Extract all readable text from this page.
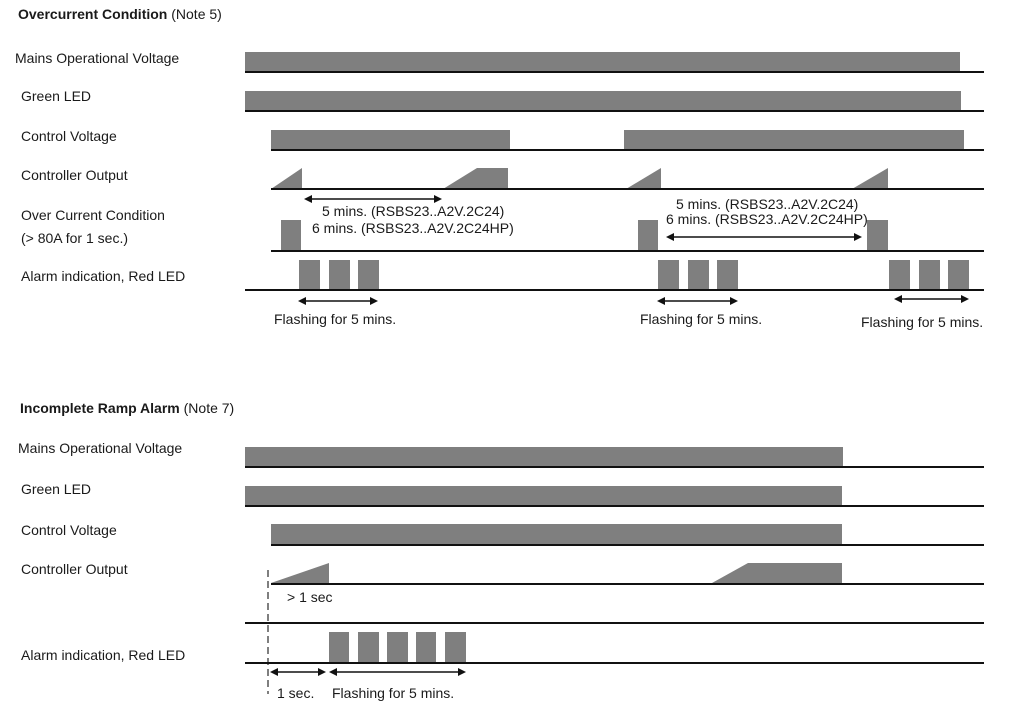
Overcurrent Condition (Note 5)
Mains Operational Voltage
Green LED
Control Voltage
Controller Output
Over Current Condition
(> 80A for 1 sec.)
Alarm indication, Red LED
5 mins. (RSBS23..A2V.2C24)
6 mins. (RSBS23..A2V.2C24HP)
5 mins. (RSBS23..A2V.2C24)
6 mins. (RSBS23..A2V.2C24HP)
Flashing for 5 mins.	Flashing for 5 mins.	Flashing for 5 mins.
Incomplete Ramp Alarm (Note 7)
Mains Operational Voltage
Green LED
Control Voltage
Controller Output
Alarm indication, Red LED
> 1 sec
1 sec. Flashing for 5 mins.
